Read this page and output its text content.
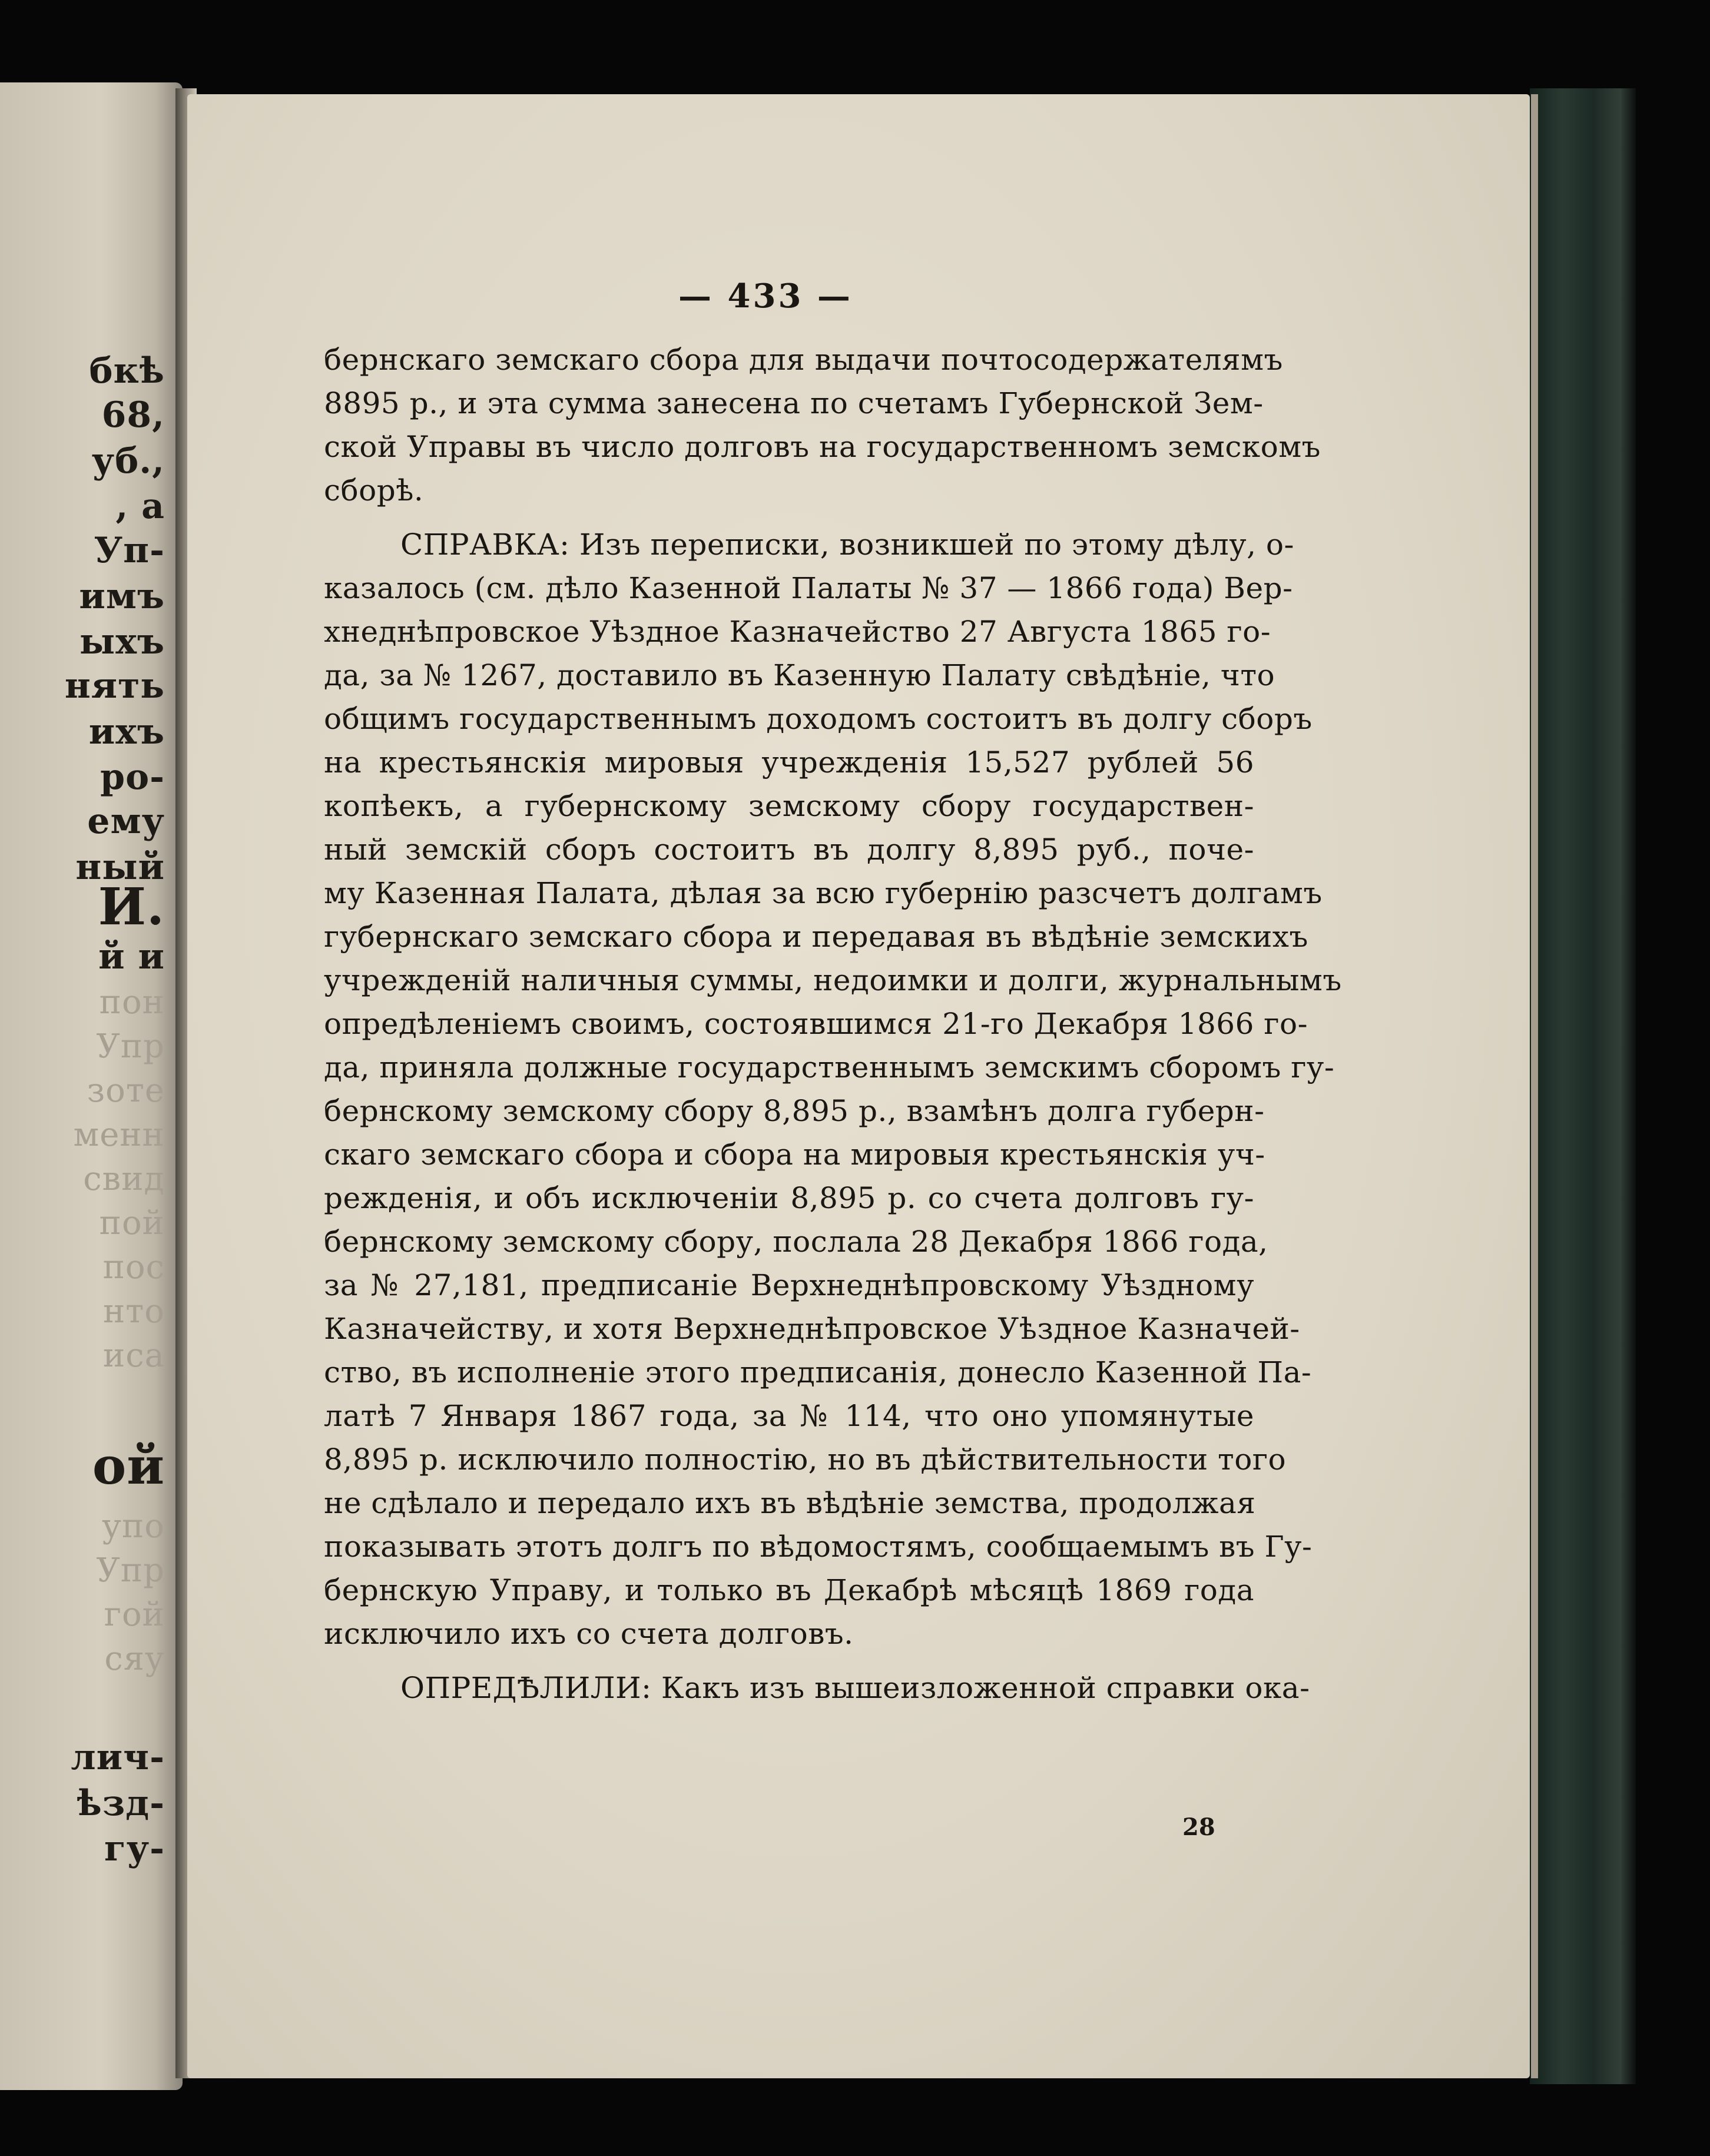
бкѣ
68,
уб.,
, а
Уп-
имъ
ыхъ
нять
ихъ
ро-
ему
ный
И.
й и
пон
Упр
зоте
менн
свид
пой
пос
нто
иса
ой
упо
Упр
гой
сяу
лич-
ѣзд-
гу-
— 433 —
бернскаго земскаго сбора для выдачи почтосодержателямъ
8895 р., и эта сумма занесена по счетамъ Губернской Зем-
ской Управы въ число долговъ на государственномъ земскомъ
сборѣ.
СПРАВКА: Изъ переписки, возникшей по этому дѣлу, о-
казалось (см. дѣло Казенной Палаты № 37 — 1866 года) Вер-
хнеднѣпровское Уѣздное Казначейство 27 Августа 1865 го-
да, за № 1267, доставило въ Казенную Палату свѣдѣніе, что
общимъ государственнымъ доходомъ состоитъ въ долгу сборъ
на крестьянскія мировыя учрежденія 15,527 рублей 56
копѣекъ, а губернскому земскому сбору государствен-
ный земскій сборъ состоитъ въ долгу 8,895 руб., поче-
му Казенная Палата, дѣлая за всю губернію разсчетъ долгамъ
губернскаго земскаго сбора и передавая въ вѣдѣніе земскихъ
учрежденій наличныя суммы, недоимки и долги, журнальнымъ
опредѣленіемъ своимъ, состоявшимся 21-го Декабря 1866 го-
да, приняла должные государственнымъ земскимъ сборомъ гу-
бернскому земскому сбору 8,895 р., взамѣнъ долга губерн-
скаго земскаго сбора и сбора на мировыя крестьянскія уч-
режденія, и объ исключеніи 8,895 р. со счета долговъ гу-
бернскому земскому сбору, послала 28 Декабря 1866 года,
за № 27,181, предписаніе Верхнеднѣпровскому Уѣздному
Казначейству, и хотя Верхнеднѣпровское Уѣздное Казначей-
ство, въ исполненіе этого предписанія, донесло Казенной Па-
латѣ 7 Января 1867 года, за № 114, что оно упомянутые
8,895 р. исключило полностію, но въ дѣйствительности того
не сдѣлало и передало ихъ въ вѣдѣніе земства, продолжая
показывать этотъ долгъ по вѣдомостямъ, сообщаемымъ въ Гу-
бернскую Управу, и только въ Декабрѣ мѣсяцѣ 1869 года
исключило ихъ со счета долговъ.
ОПРЕДѢЛИЛИ: Какъ изъ вышеизложенной справки ока-
28
